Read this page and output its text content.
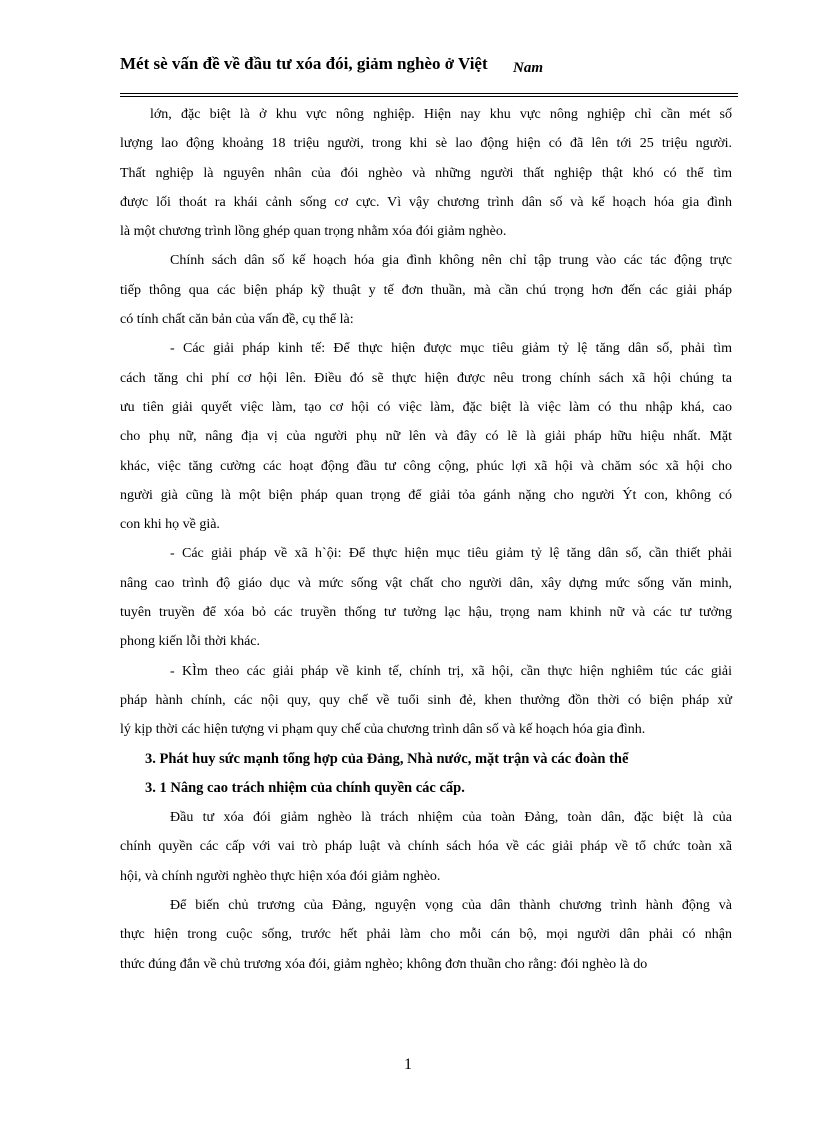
Mét sè vấn đề về đầu tư xóa đói, giảm nghèo ở Việt Nam
lớn, đặc biệt là ở khu vực nông nghiệp. Hiện nay khu vực nông nghiệp chỉ cần mét số
lượng lao động khoảng 18 triệu người, trong khi sè lao động hiện có đã lên tới 25 triệu người.
Thất nghiệp là nguyên nhân của đói nghèo và những người thất nghiệp thật khó có thể tìm
được lối thoát ra khái cảnh sống cơ cực. Vì vậy chương trình dân số và kế hoạch hóa gia đình
là một chương trình lồng ghép quan trọng nhằm xóa đói giảm nghèo.
Chính sách dân số kế hoạch hóa gia đình không nên chỉ tập trung vào các tác động trực
tiếp thông qua các biện pháp kỹ thuật y tế đơn thuần, mà cần chú trọng hơn đến các giải pháp
có tính chất căn bản của vấn đề, cụ thể là:
- Các giải pháp kinh tế: Để thực hiện được mục tiêu giảm tỷ lệ tăng dân số, phải tìm
cách tăng chi phí cơ hội lên. Điều đó sẽ thực hiện được nêu trong chính sách xã hội chúng ta
ưu tiên giải quyết việc làm, tạo cơ hội có việc làm, đặc biệt là việc làm có thu nhập khá, cao
cho phụ nữ, nâng địa vị của người phụ nữ lên và đây có lẽ là giải pháp hữu hiệu nhất. Mặt
khác, việc tăng cường các hoạt động đầu tư công cộng, phúc lợi xã hội và chăm sóc xã hội cho
người già cũng là một biện pháp quan trọng để giải tỏa gánh nặng cho người Ýt con, không có
con khi họ về già.
- Các giải pháp về xã h`ội: Để thực hiện mục tiêu giảm tỷ lệ tăng dân số, cần thiết phải
nâng cao trình độ giáo dục và mức sống vật chất cho người dân, xây dựng mức sống văn minh,
tuyên truyền để xóa bỏ các truyền thống tư tưởng lạc hậu, trọng nam khinh nữ và các tư tưởng
phong kiến lỗi thời khác.
- KÌm theo các giải pháp về kinh tế, chính trị, xã hội, cần thực hiện nghiêm túc các giải
pháp hành chính, các nội quy, quy chế về tuổi sinh đẻ, khen thưởng đồn thời có biện pháp xử
lý kịp thời các hiện tượng vi phạm quy chế của chương trình dân số và kế hoạch hóa gia đình.
3. Phát huy sức mạnh tổng hợp của Đảng, Nhà nước, mặt trận và các đoàn thể
3. 1 Nâng cao trách nhiệm của chính quyền các cấp.
Đầu tư xóa đói giảm nghèo là trách nhiệm của toàn Đảng, toàn dân, đặc biệt là của
chính quyền các cấp với vai trò pháp luật và chính sách hóa về các giải pháp về tổ chức toàn xã
hội, và chính người nghèo thực hiện xóa đói giảm nghèo.
Để biến chủ trương của Đảng, nguyện vọng của dân thành chương trình hành động và
thực hiện trong cuộc sống, trước hết phải làm cho mỗi cán bộ, mọi người dân phải có nhận
thức đúng đắn về chủ trương xóa đói, giảm nghèo; không đơn thuần cho rằng: đói nghèo là do
1
